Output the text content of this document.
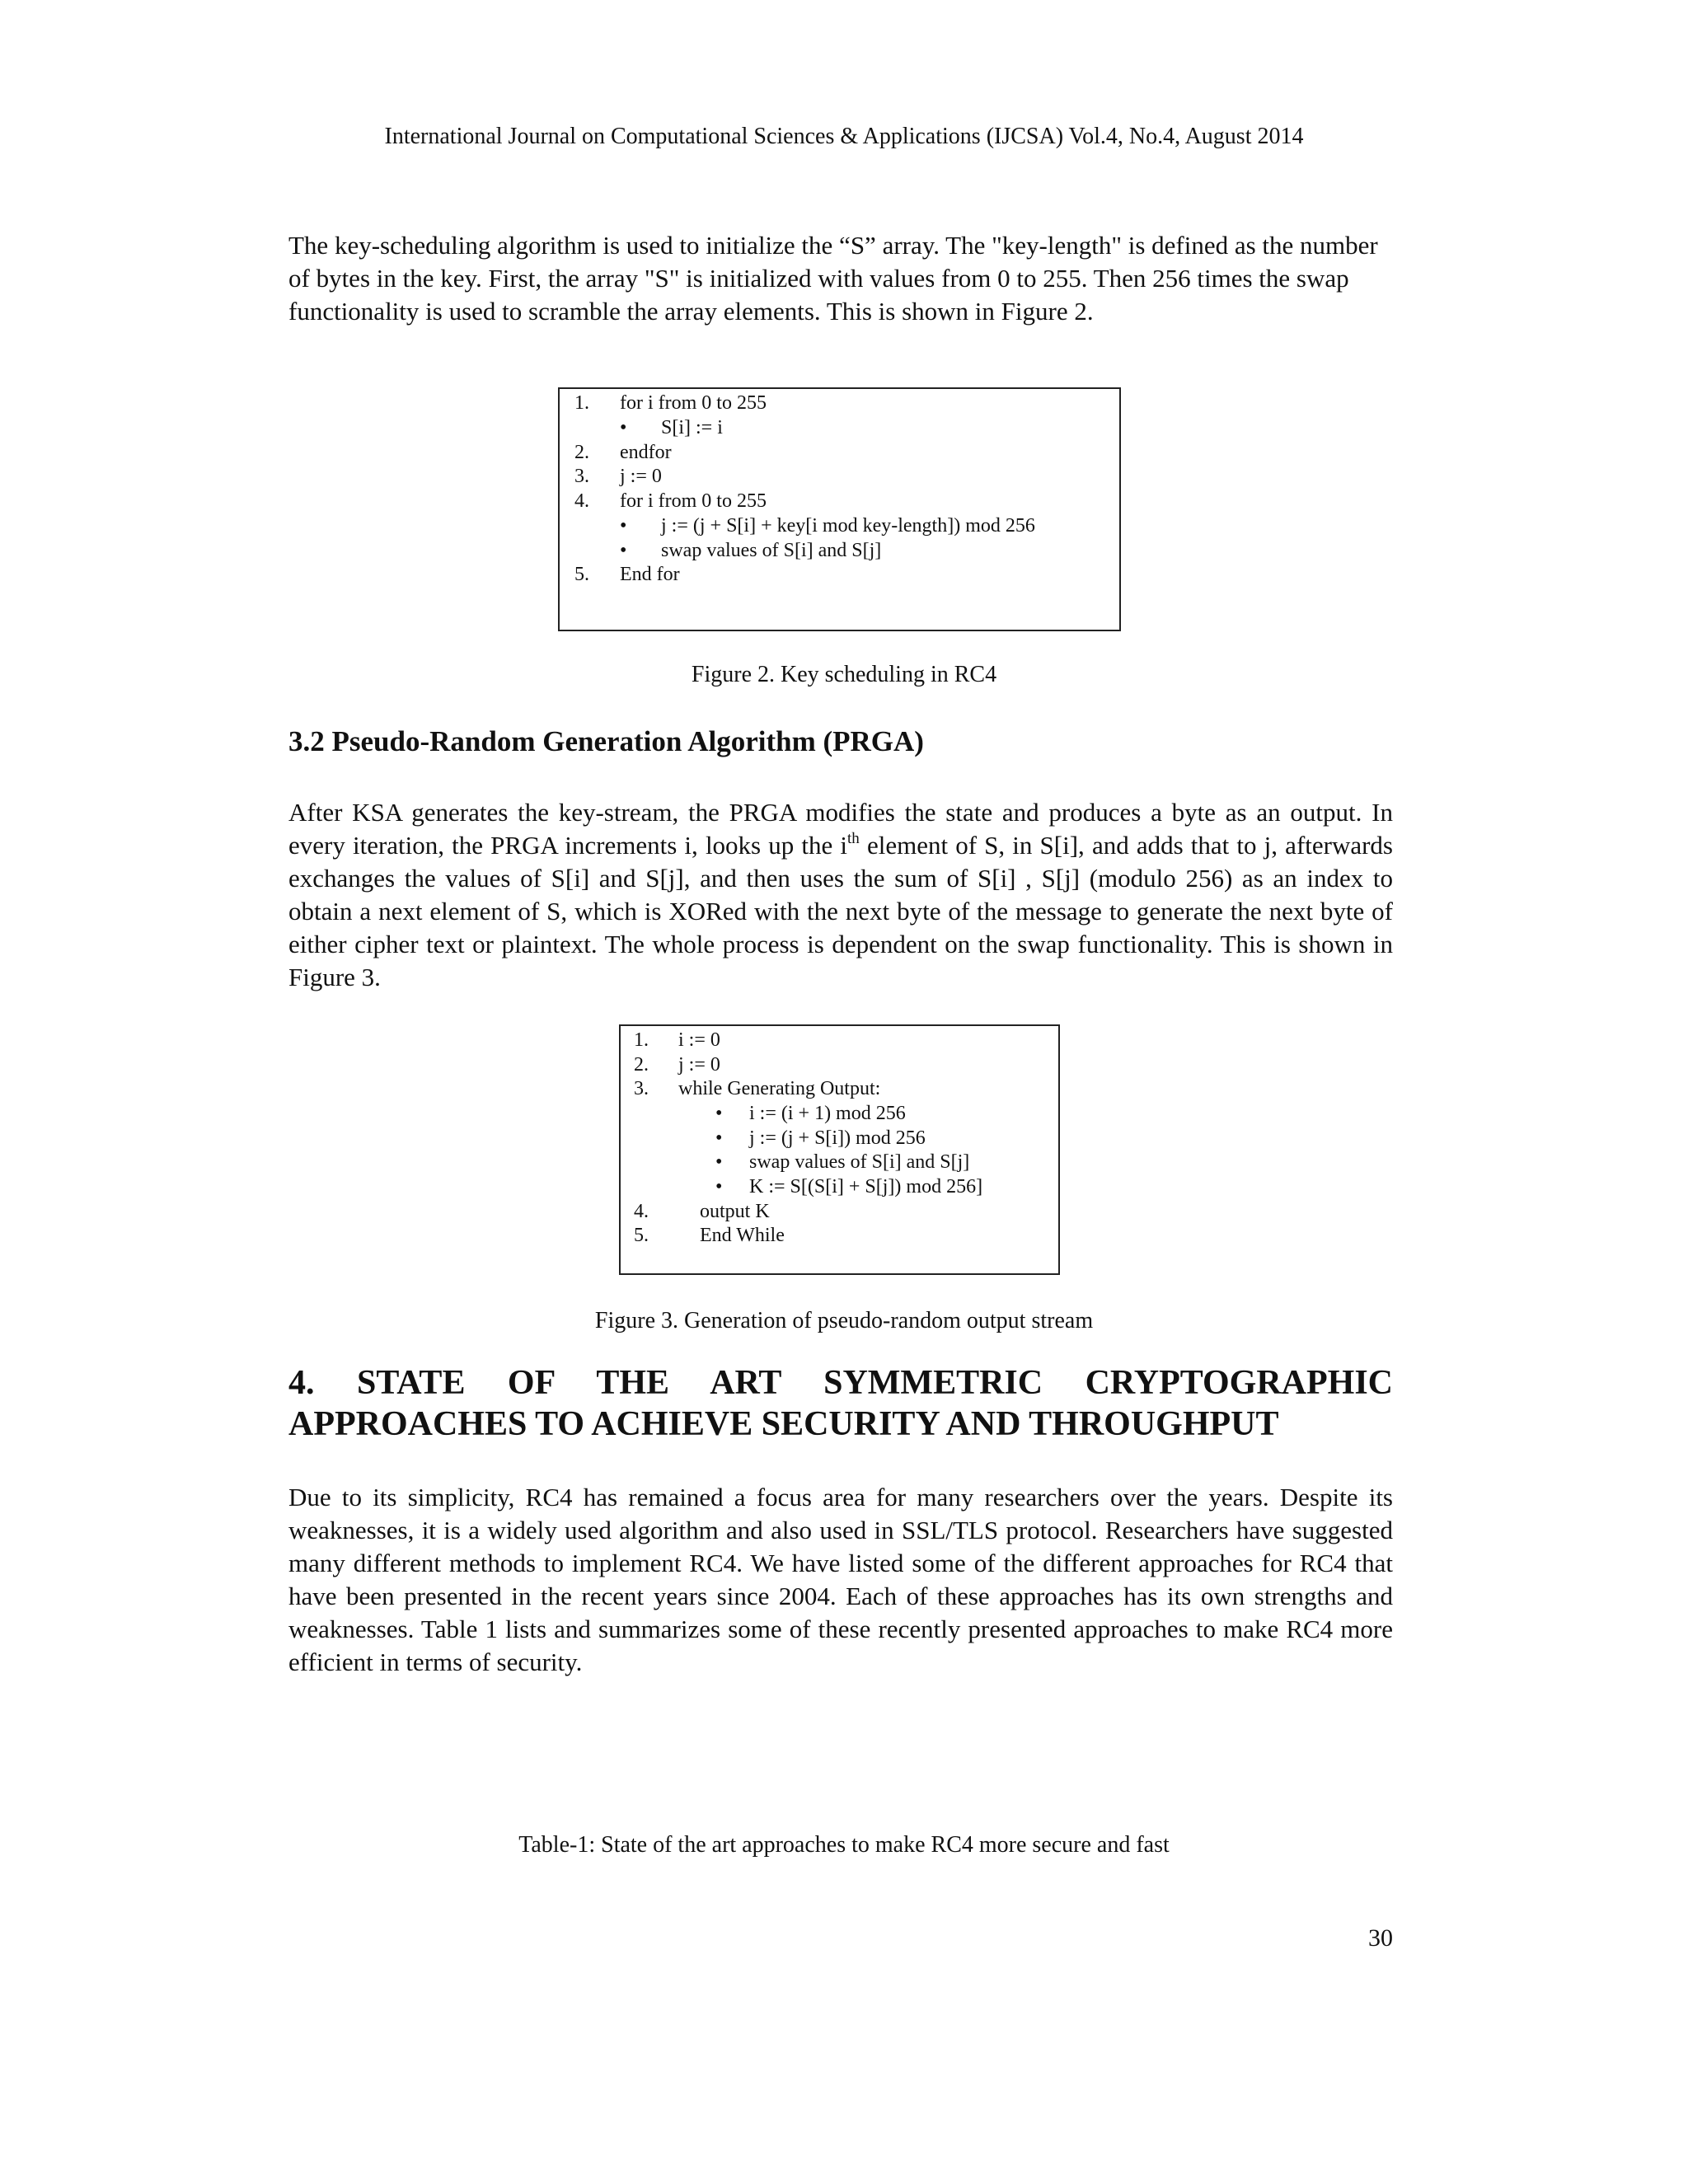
International Journal on Computational Sciences & Applications (IJCSA) Vol.4, No.4, August 2014

The key-scheduling algorithm is used to initialize the “S” array. The "key-length" is defined as the number of bytes in the key. First, the array "S" is initialized with values from 0 to 255. Then 256 times the swap functionality is used to scramble the array elements. This is shown in Figure 2.

1. for i from 0 to 255
• S[i] := i
2. endfor
3. j := 0
4. for i from 0 to 255
• j := (j + S[i] + key[i mod key-length]) mod 256
• swap values of S[i] and S[j]
5. End for
Figure 2. Key scheduling in RC4
3.2 Pseudo-Random Generation Algorithm (PRGA)

After KSA generates the key-stream, the PRGA modifies the state and produces a byte as an output. In every iteration, the PRGA increments i, looks up the $i^{th}$ element of S, in S[i], and adds that to j, afterwards exchanges the values of S[i] and S[j], and then uses the sum of S[i] , S[j] (modulo 256) as an index to obtain a next element of S, which is XORed with the next byte of the message to generate the next byte of either cipher text or plaintext. The whole process is dependent on the swap functionality. This is shown in Figure 3.

1. i := 0
2. j := 0
3. while Generating Output:
• i := (i + 1) mod 256
• j := (j + S[i]) mod 256
• swap values of S[i] and S[j]
• K := S[(S[i] + S[j]) mod 256]
4.	output K
5.	End While
Figure 3. Generation of pseudo-random output stream
4. STATE OF THE ART SYMMETRIC CRYPTOGRAPHIC
APPROACHES TO ACHIEVE SECURITY AND THROUGHPUT

Due to its simplicity, RC4 has remained a focus area for many researchers over the years. Despite its weaknesses, it is a widely used algorithm and also used in SSL/TLS protocol. Researchers have suggested many different methods to implement RC4. We have listed some of the different approaches for RC4 that have been presented in the recent years since 2004. Each of these approaches has its own strengths and weaknesses. Table 1 lists and summarizes some of these recently presented approaches to make RC4 more efficient in terms of security.

Table-1: State of the art approaches to make RC4 more secure and fast
30
